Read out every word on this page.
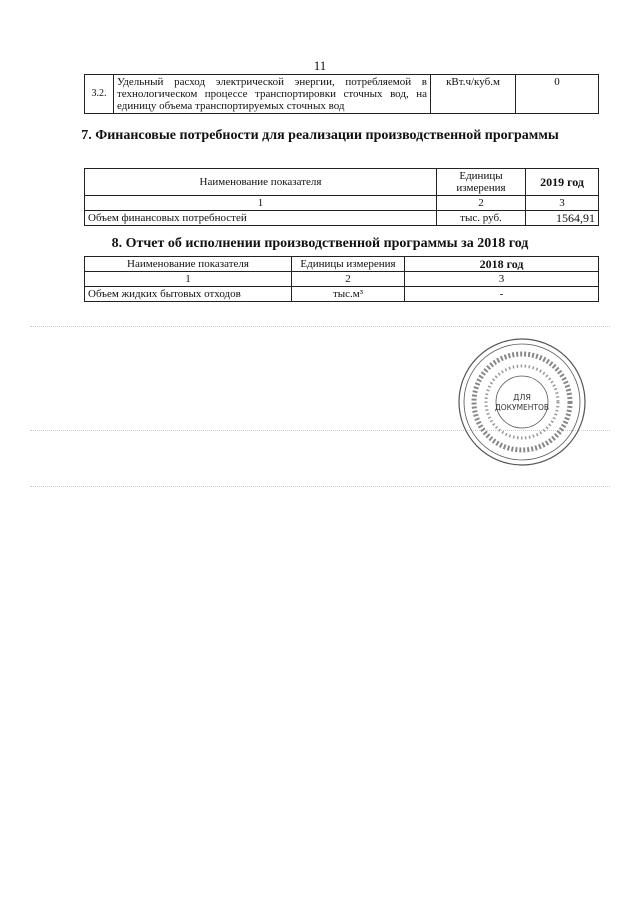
11
3.2.	Удельный расход электрической энергии, потребляемой в технологическом процессе транспортировки сточных вод, на единицу объема транспортируемых сточных вод	кВт.ч/куб.м	0
7. Финансовые потребности для реализации производственной программы
Наименование показателя	Единицы измерения	2019 год
1	2	3
Объем финансовых потребностей	тыс. руб.	1564,91
8. Отчет об исполнении производственной программы за 2018 год
Наименование показателя	Единицы измерения	2018 год
1	2	3
Объем жидких бытовых отходов	тыс.м³	-
ДЛЯ
ДОКУМЕНТОВ
